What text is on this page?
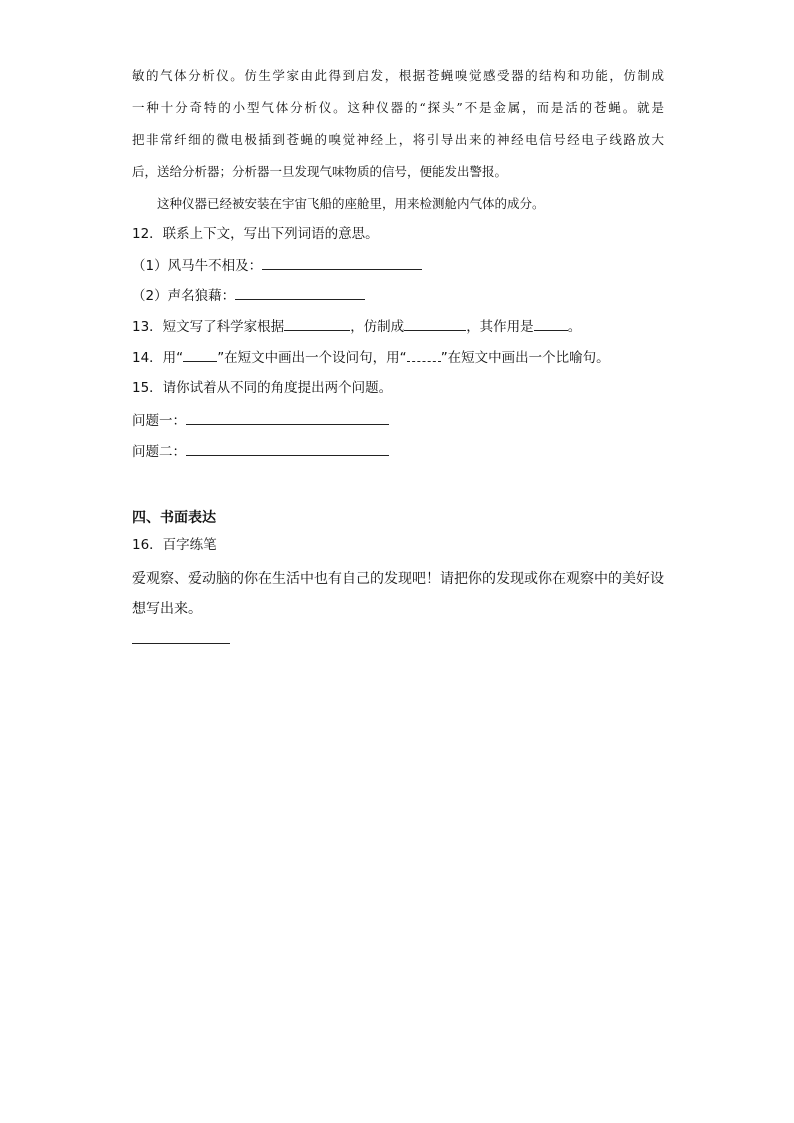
敏的气体分析仪。仿生学家由此得到启发，根据苍蝇嗅觉感受器的结构和功能，仿制成

一种十分奇特的小型气体分析仪。这种仪器的“探头”不是金属，而是活的苍蝇。就是

把非常纤细的微电极插到苍蝇的嗅觉神经上，将引导出来的神经电信号经电子线路放大

后，送给分析器；分析器一旦发现气味物质的信号，便能发出警报。

这种仪器已经被安装在宇宙飞船的座舱里，用来检测舱内气体的成分。

12．联系上下文，写出下列词语的意思。
（1）风马牛不相及：
（2）声名狼藉：
13．短文写了科学家根据	，仿制成	，其作用是	。
14．用“	”在短文中画出一个设问句，用“	”在短文中画出一个比喻句。
15．请你试着从不同的角度提出两个问题。
问题一：
问题二：
四、书面表达
16．百字练笔
爱观察、爱动脑的你在生活中也有自己的发现吧！请把你的发现或你在观察中的美好设想写出来。
